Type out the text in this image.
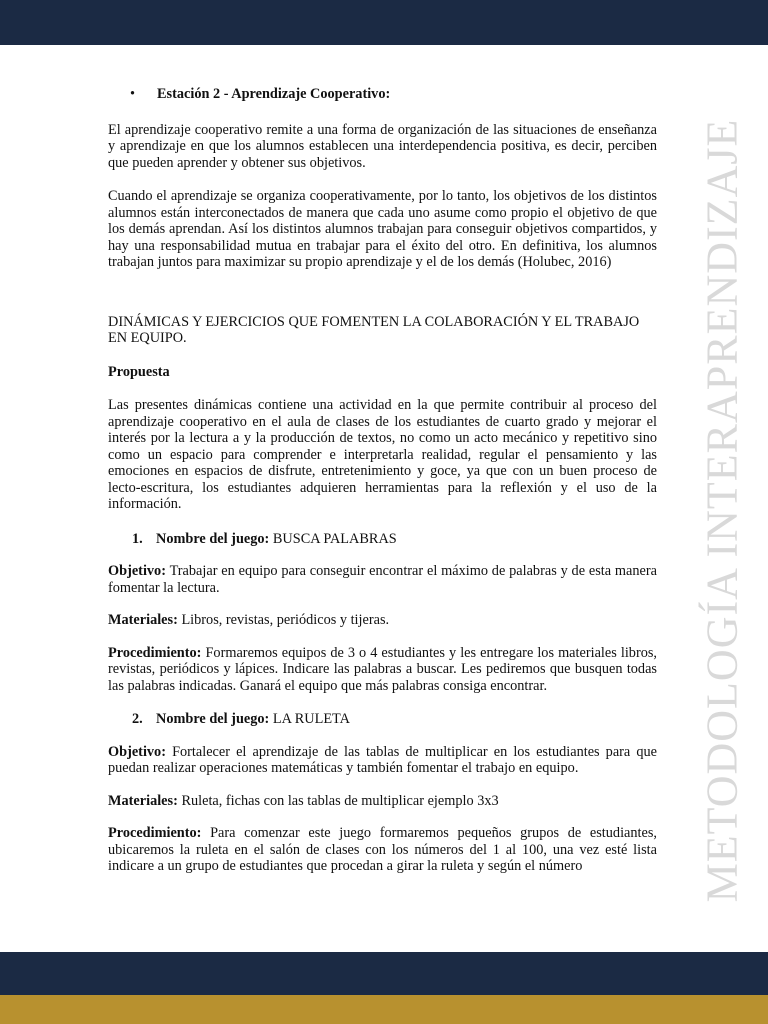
METODOLOGÍA INTERAPRENDIZAJE

• Estación 2 - Aprendizaje Cooperativo:

El aprendizaje cooperativo remite a una forma de organización de las situaciones de enseñanza y aprendizaje en que los alumnos establecen una interdependencia positiva, es decir, perciben que pueden aprender y obtener sus objetivos.

Cuando el aprendizaje se organiza cooperativamente, por lo tanto, los objetivos de los distintos alumnos están interconectados de manera que cada uno asume como propio el objetivo de que los demás aprendan. Así los distintos alumnos trabajan para conseguir objetivos compartidos, y hay una responsabilidad mutua en trabajar para el éxito del otro. En definitiva, los alumnos trabajan juntos para maximizar su propio aprendizaje y el de los demás (Holubec, 2016)

DINÁMICAS Y EJERCICIOS QUE FOMENTEN LA COLABORACIÓN Y EL TRABAJO EN EQUIPO.

Propuesta

Las presentes dinámicas contiene una actividad en la que permite contribuir al proceso del aprendizaje cooperativo en el aula de clases de los estudiantes de cuarto grado y mejorar el interés por la lectura a y la producción de textos, no como un acto mecánico y repetitivo sino como un espacio para comprender e interpretarla realidad, regular el pensamiento y las emociones en espacios de disfrute, entretenimiento y goce, ya que con un buen proceso de lecto-escritura, los estudiantes adquieren herramientas para la reflexión y el uso de la información.

1. Nombre del juego: BUSCA PALABRAS

Objetivo: Trabajar en equipo para conseguir encontrar el máximo de palabras y de esta manera fomentar la lectura.

Materiales: Libros, revistas, periódicos y tijeras.

Procedimiento: Formaremos equipos de 3 o 4 estudiantes y les entregare los materiales libros, revistas, periódicos y lápices. Indicare las palabras a buscar. Les pediremos que busquen todas las palabras indicadas. Ganará el equipo que más palabras consiga encontrar.

2. Nombre del juego: LA RULETA

Objetivo: Fortalecer el aprendizaje de las tablas de multiplicar en los estudiantes para que puedan realizar operaciones matemáticas y también fomentar el trabajo en equipo.

Materiales: Ruleta, fichas con las tablas de multiplicar ejemplo 3x3

Procedimiento: Para comenzar este juego formaremos pequeños grupos de estudiantes, ubicaremos la ruleta en el salón de clases con los números del 1 al 100, una vez esté lista indicare a un grupo de estudiantes que procedan a girar la ruleta y según el número
